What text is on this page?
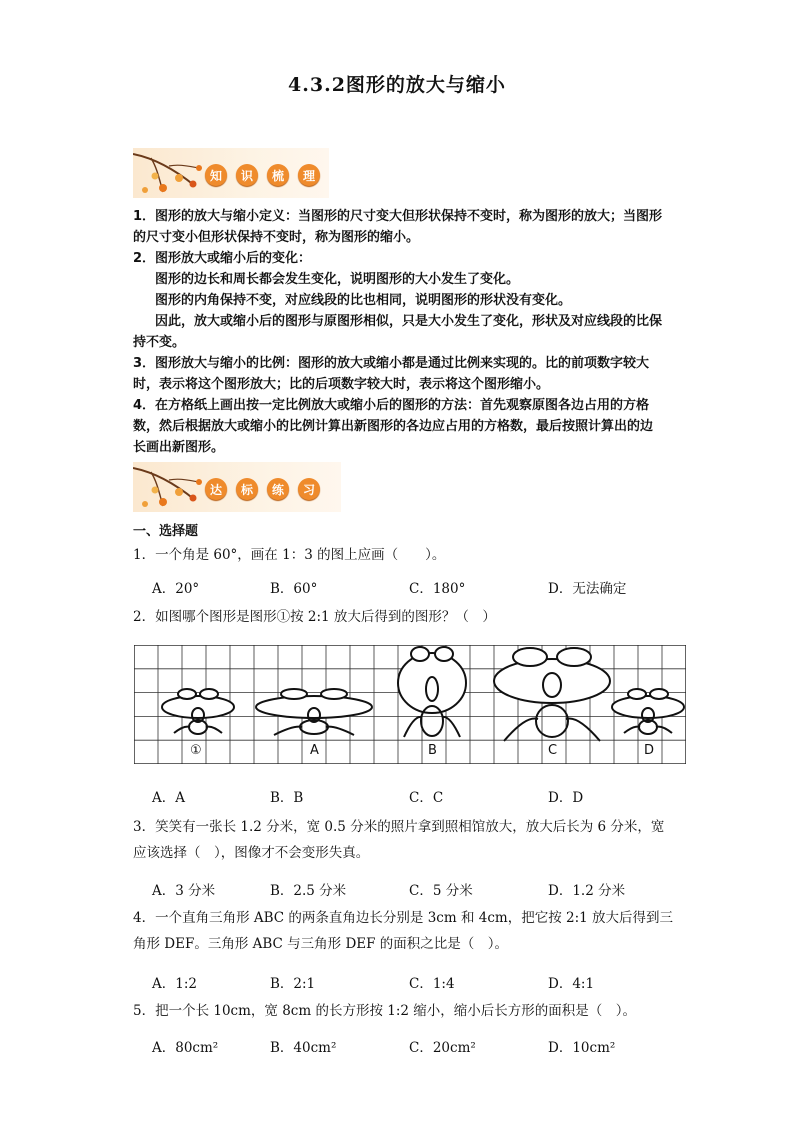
4.3.2图形的放大与缩小
知	识	梳	理

1．图形的放大与缩小定义：当图形的尺寸变大但形状保持不变时，称为图形的放大；当图形的尺寸变小但形状保持不变时，称为图形的缩小。

2．图形放大或缩小后的变化：

图形的边长和周长都会发生变化，说明图形的大小发生了变化。

图形的内角保持不变，对应线段的比也相同，说明图形的形状没有变化。

因此，放大或缩小后的图形与原图形相似，只是大小发生了变化，形状及对应线段的比保持不变。

3．图形放大与缩小的比例：图形的放大或缩小都是通过比例来实现的。比的前项数字较大时，表示将这个图形放大；比的后项数字较大时，表示将这个图形缩小。

4．在方格纸上画出按一定比例放大或缩小后的图形的方法：首先观察原图各边占用的方格数，然后根据放大或缩小的比例计算出新图形的各边应占用的方格数，最后按照计算出的边长画出新图形。

达	标	练	习
一、选择题

1．一个角是 60°，画在 1：3 的图上应画（　　）。

A．20°	B．60°	C．180°	D．无法确定

2．如图哪个图形是图形①按 2:1 放大后得到的图形？（　）

①	A	B	C	D
A．A	B．B	C．C	D．D

3．笑笑有一张长 1.2 分米，宽 0.5 分米的照片拿到照相馆放大，放大后长为 6 分米，宽应该选择（　），图像才不会变形失真。

A．3 分米	B．2.5 分米	C．5 分米	D．1.2 分米

4．一个直角三角形 ABC 的两条直角边长分别是 3cm 和 4cm，把它按 2:1 放大后得到三角形 DEF。三角形 ABC 与三角形 DEF 的面积之比是（　）。

A．1:2	B．2:1	C．1:4	D．4:1

5．把一个长 10cm，宽 8cm 的长方形按 1:2 缩小，缩小后长方形的面积是（　）。

A．80cm²	B．40cm²	C．20cm²	D．10cm²
